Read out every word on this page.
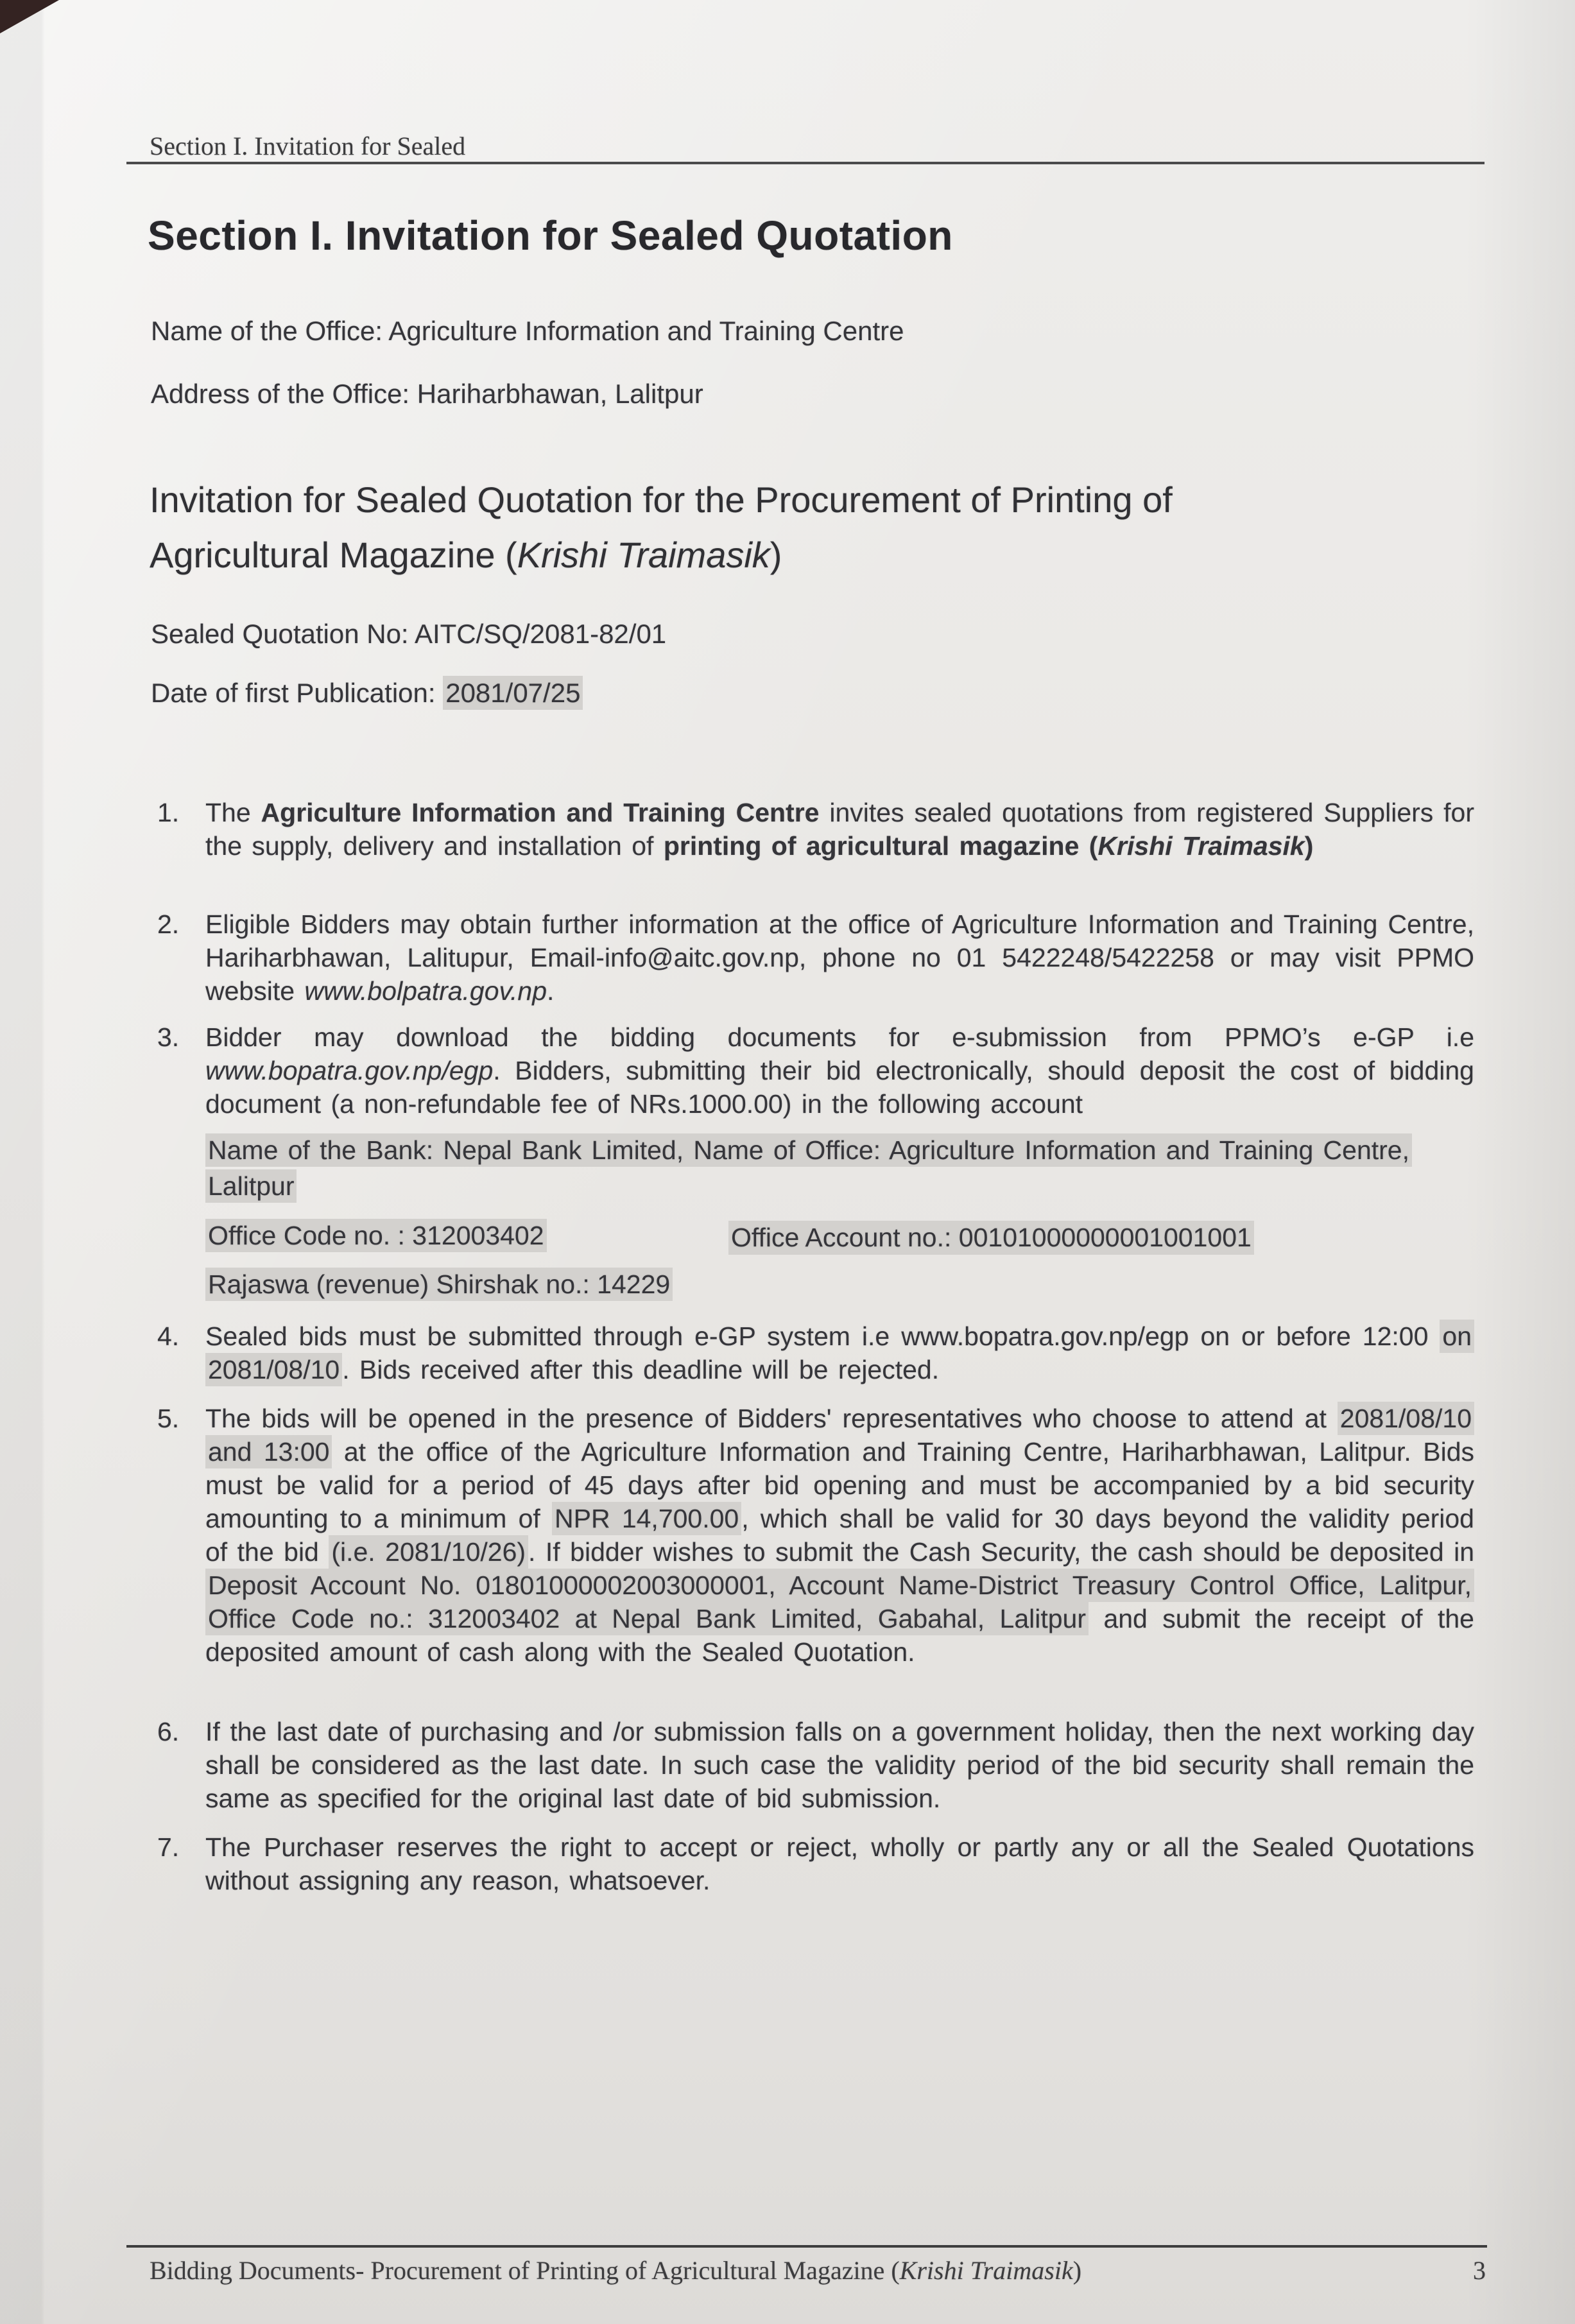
Section I. Invitation for Sealed
Section I. Invitation for Sealed Quotation
Name of the Office: Agriculture Information and Training Centre
Address of the Office: Hariharbhawan, Lalitpur
Invitation for Sealed Quotation for the Procurement of Printing of
Agricultural Magazine (Krishi Traimasik)
Sealed Quotation No: AITC/SQ/2081-82/01
Date of first Publication: 2081/07/25
1. The Agriculture Information and Training Centre invites sealed quotations from registered Suppliers for the supply, delivery and installation of printing of agricultural magazine (Krishi Traimasik)
2. Eligible Bidders may obtain further information at the office of Agriculture Information and Training Centre, Hariharbhawan, Lalitupur, Email-info@aitc.gov.np, phone no 01 5422248/5422258 or may visit PPMO website www.bolpatra.gov.np.
3. Bidder may download the bidding documents for e-submission from PPMO’s e-GP i.e www.bopatra.gov.np/egp. Bidders, submitting their bid electronically, should deposit the cost of bidding document (a non-refundable fee of NRs.1000.00) in the following account
Name of the Bank: Nepal Bank Limited, Name of Office: Agriculture Information and Training Centre, Lalitpur
Office Code no. : 312003402	Office Account no.: 00101000000001001001
Rajaswa (revenue) Shirshak no.: 14229
4. Sealed bids must be submitted through e-GP system i.e www.bopatra.gov.np/egp on or before 12:00 on 2081/08/10. Bids received after this deadline will be rejected.
5. The bids will be opened in the presence of Bidders' representatives who choose to attend at 2081/08/10 and 13:00 at the office of the Agriculture Information and Training Centre, Hariharbhawan, Lalitpur. Bids must be valid for a period of 45 days after bid opening and must be accompanied by a bid security amounting to a minimum of NPR 14,700.00, which shall be valid for 30 days beyond the validity period of the bid (i.e. 2081/10/26). If bidder wishes to submit the Cash Security, the cash should be deposited in Deposit Account No. 01801000002003000001, Account Name-District Treasury Control Office, Lalitpur, Office Code no.: 312003402 at Nepal Bank Limited, Gabahal, Lalitpur and submit the receipt of the deposited amount of cash along with the Sealed Quotation.
6. If the last date of purchasing and /or submission falls on a government holiday, then the next working day shall be considered as the last date. In such case the validity period of the bid security shall remain the same as specified for the original last date of bid submission.
7. The Purchaser reserves the right to accept or reject, wholly or partly any or all the Sealed Quotations without assigning any reason, whatsoever.
Bidding Documents- Procurement of Printing of Agricultural Magazine (Krishi Traimasik)	3
